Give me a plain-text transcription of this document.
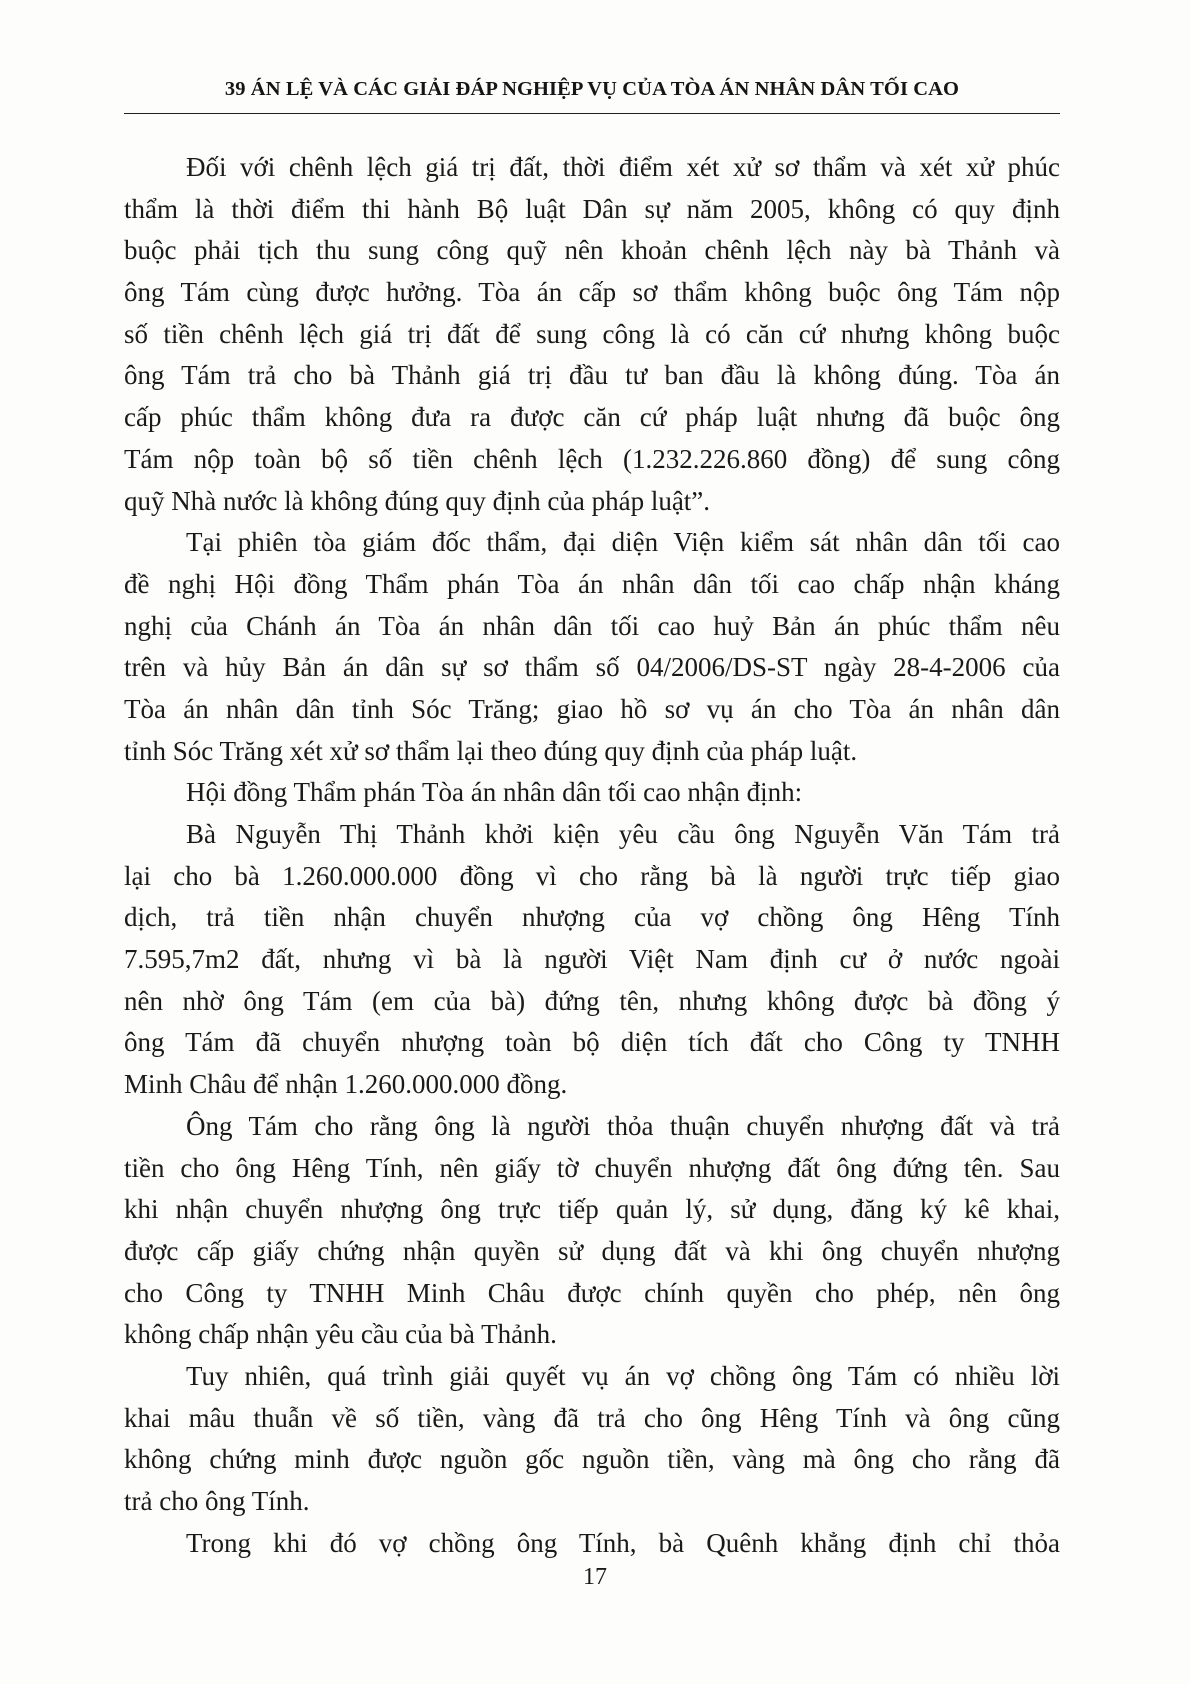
39 ÁN LỆ VÀ CÁC GIẢI ĐÁP NGHIỆP VỤ CỦA TÒA ÁN NHÂN DÂN TỐI CAO
Đối với chênh lệch giá trị đất, thời điểm xét xử sơ thẩm và xét xử phúc
thẩm là thời điểm thi hành Bộ luật Dân sự năm 2005, không có quy định
buộc phải tịch thu sung công quỹ nên khoản chênh lệch này bà Thảnh và
ông Tám cùng được hưởng. Tòa án cấp sơ thẩm không buộc ông Tám nộp
số tiền chênh lệch giá trị đất để sung công là có căn cứ nhưng không buộc
ông Tám trả cho bà Thảnh giá trị đầu tư ban đầu là không đúng. Tòa án
cấp phúc thẩm không đưa ra được căn cứ pháp luật nhưng đã buộc ông
Tám nộp toàn bộ số tiền chênh lệch (1.232.226.860 đồng) để sung công
quỹ Nhà nước là không đúng quy định của pháp luật”.
Tại phiên tòa giám đốc thẩm, đại diện Viện kiểm sát nhân dân tối cao
đề nghị Hội đồng Thẩm phán Tòa án nhân dân tối cao chấp nhận kháng
nghị của Chánh án Tòa án nhân dân tối cao huỷ Bản án phúc thẩm nêu
trên và hủy Bản án dân sự sơ thẩm số 04/2006/DS-ST ngày 28-4-2006 của
Tòa án nhân dân tỉnh Sóc Trăng; giao hồ sơ vụ án cho Tòa án nhân dân
tỉnh Sóc Trăng xét xử sơ thẩm lại theo đúng quy định của pháp luật.
Hội đồng Thẩm phán Tòa án nhân dân tối cao nhận định:
Bà Nguyễn Thị Thảnh khởi kiện yêu cầu ông Nguyễn Văn Tám trả
lại cho bà 1.260.000.000 đồng vì cho rằng bà là người trực tiếp giao
dịch, trả tiền nhận chuyển nhượng của vợ chồng ông Hêng Tính
7.595,7m2 đất, nhưng vì bà là người Việt Nam định cư ở nước ngoài
nên nhờ ông Tám (em của bà) đứng tên, nhưng không được bà đồng ý
ông Tám đã chuyển nhượng toàn bộ diện tích đất cho Công ty TNHH
Minh Châu để nhận 1.260.000.000 đồng.
Ông Tám cho rằng ông là người thỏa thuận chuyển nhượng đất và trả
tiền cho ông Hêng Tính, nên giấy tờ chuyển nhượng đất ông đứng tên. Sau
khi nhận chuyển nhượng ông trực tiếp quản lý, sử dụng, đăng ký kê khai,
được cấp giấy chứng nhận quyền sử dụng đất và khi ông chuyển nhượng
cho Công ty TNHH Minh Châu được chính quyền cho phép, nên ông
không chấp nhận yêu cầu của bà Thảnh.
Tuy nhiên, quá trình giải quyết vụ án vợ chồng ông Tám có nhiều lời
khai mâu thuẫn về số tiền, vàng đã trả cho ông Hêng Tính và ông cũng
không chứng minh được nguồn gốc nguồn tiền, vàng mà ông cho rằng đã
trả cho ông Tính.
Trong khi đó vợ chồng ông Tính, bà Quênh khẳng định chỉ thỏa
17
